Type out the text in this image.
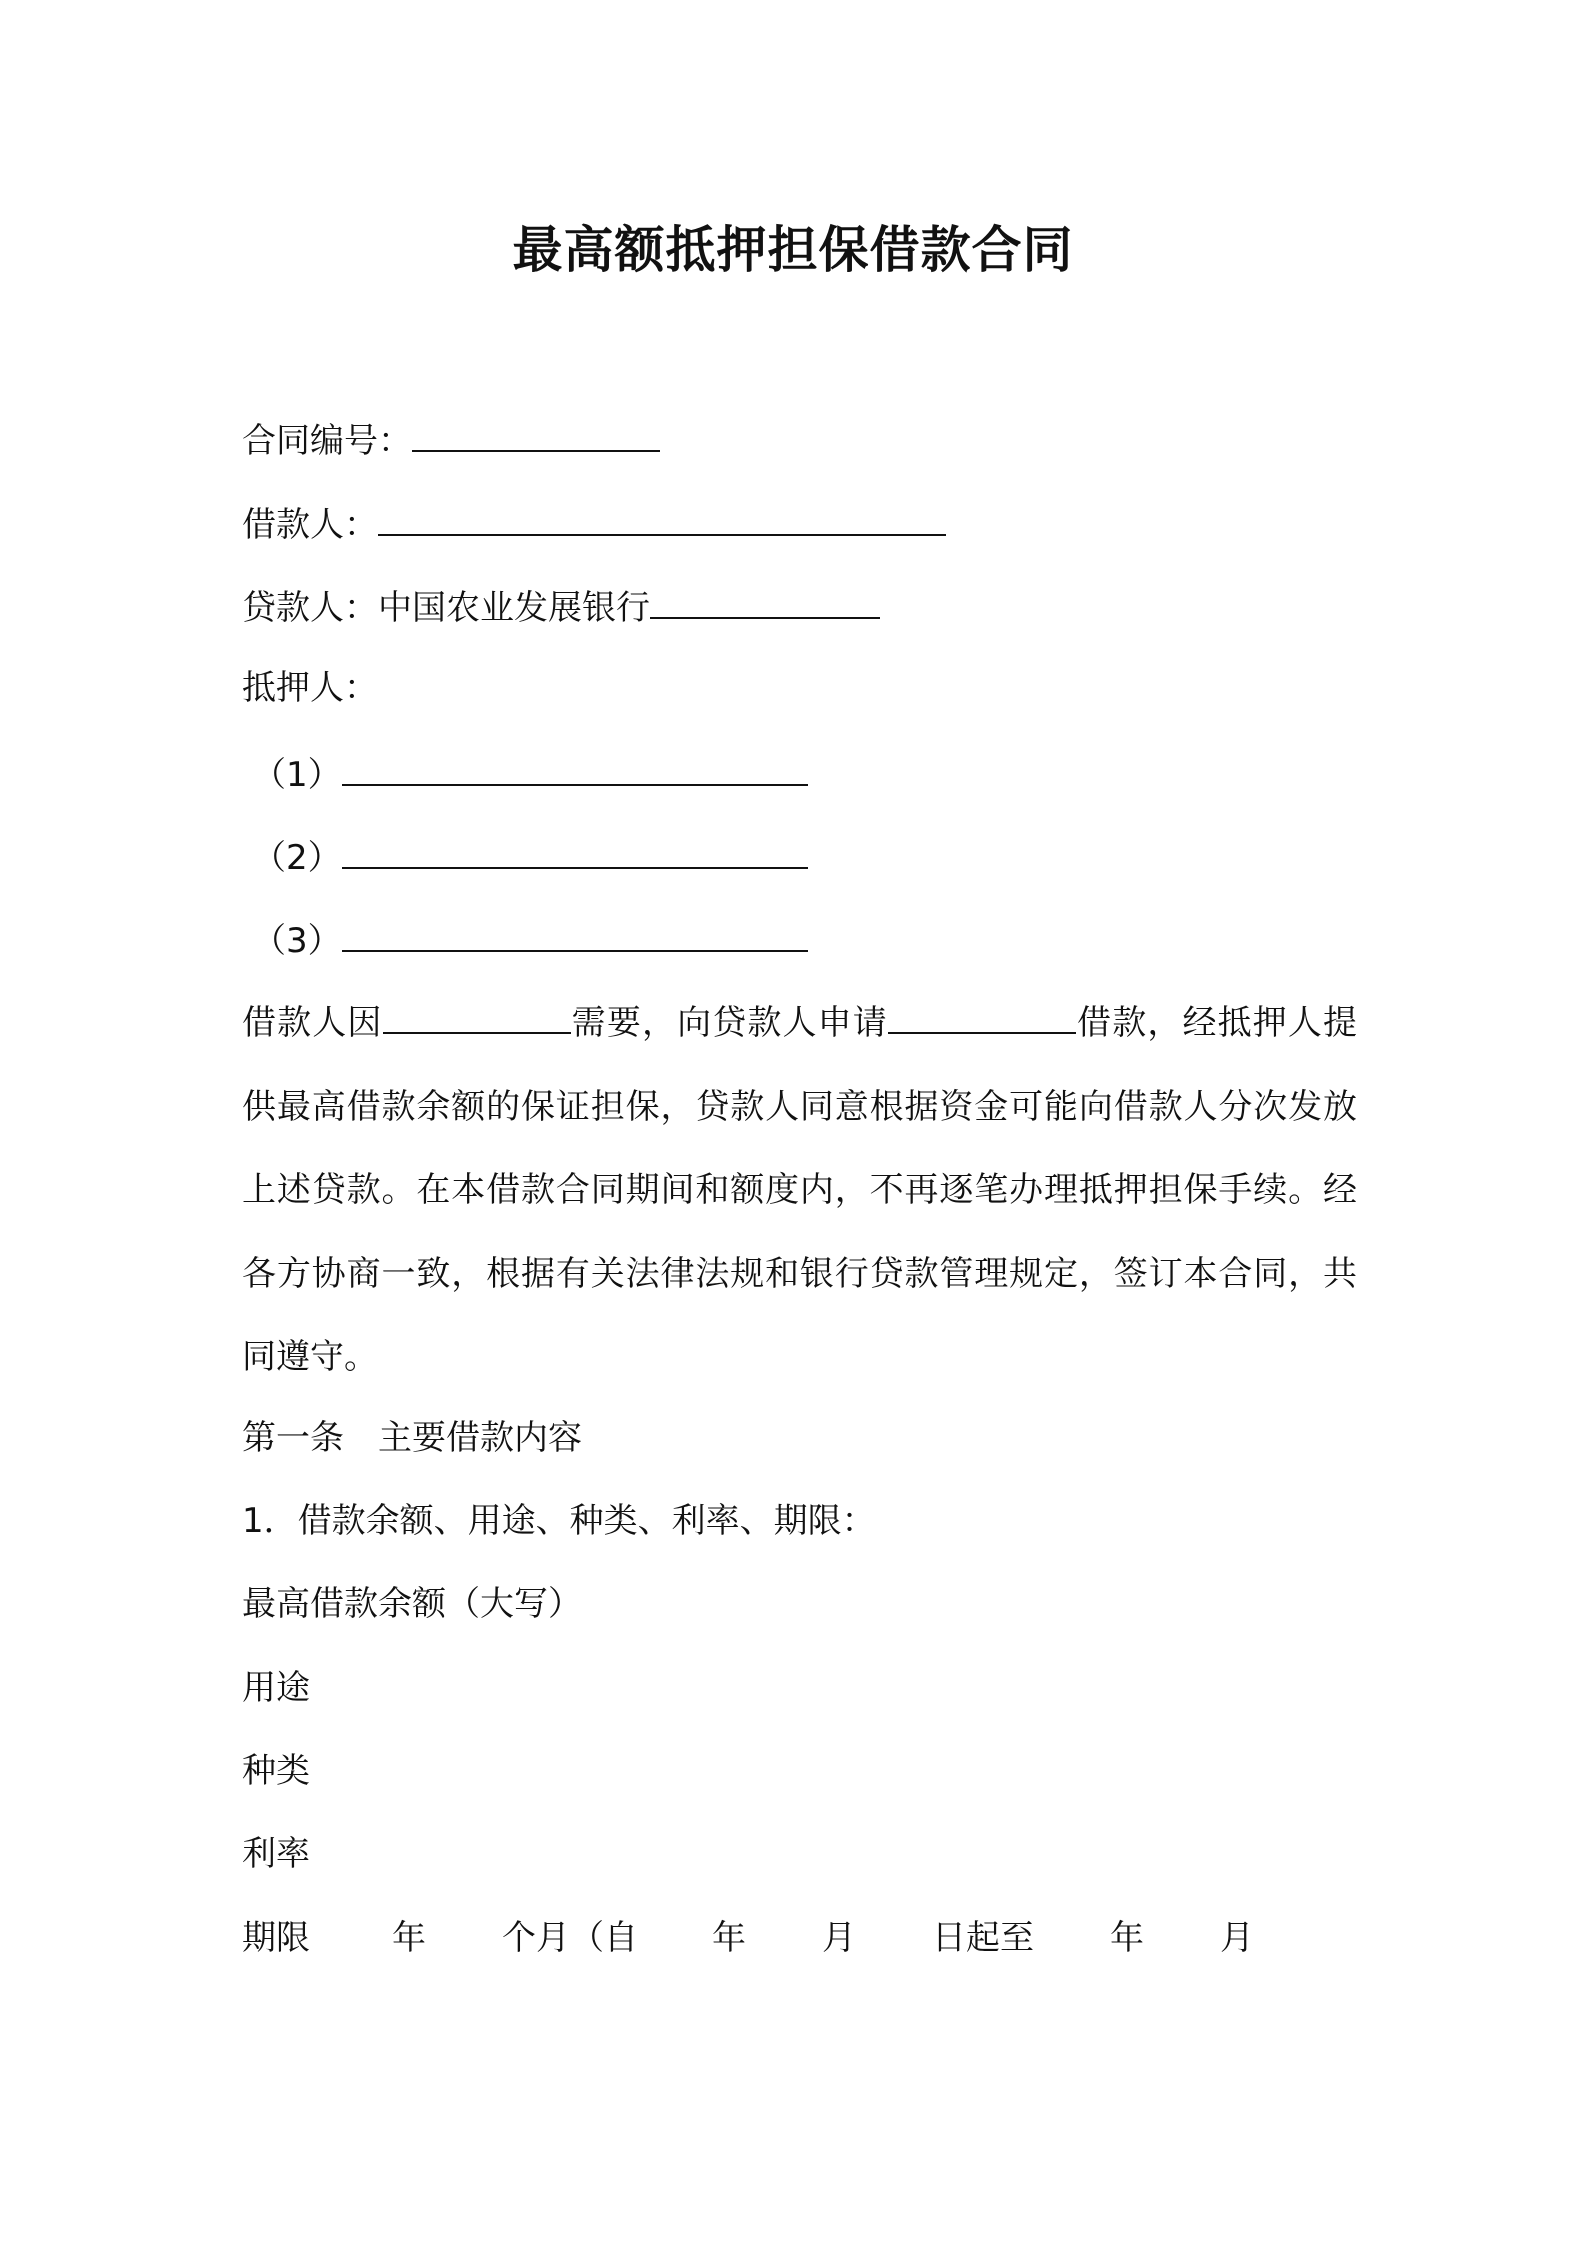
最高额抵押担保借款合同
合同编号：
借款人：
贷款人：中国农业发展银行
抵押人：
（1）
（2）
（3）
借款人因	需要，向贷款人申请	借款，经抵押人提供最高借款余额的保证担保，贷款人同意根据资金可能向借款人分次发放上述贷款。在本借款合同期间和额度内，不再逐笔办理抵押担保手续。经各方协商一致，根据有关法律法规和银行贷款管理规定，签订本合同，共同遵守。
第一条　主要借款内容
1．借款余额、用途、种类、利率、期限：
最高借款余额（大写）
用途
种类
利率
期限 年 个月（自 年 月 日起至 年 月
